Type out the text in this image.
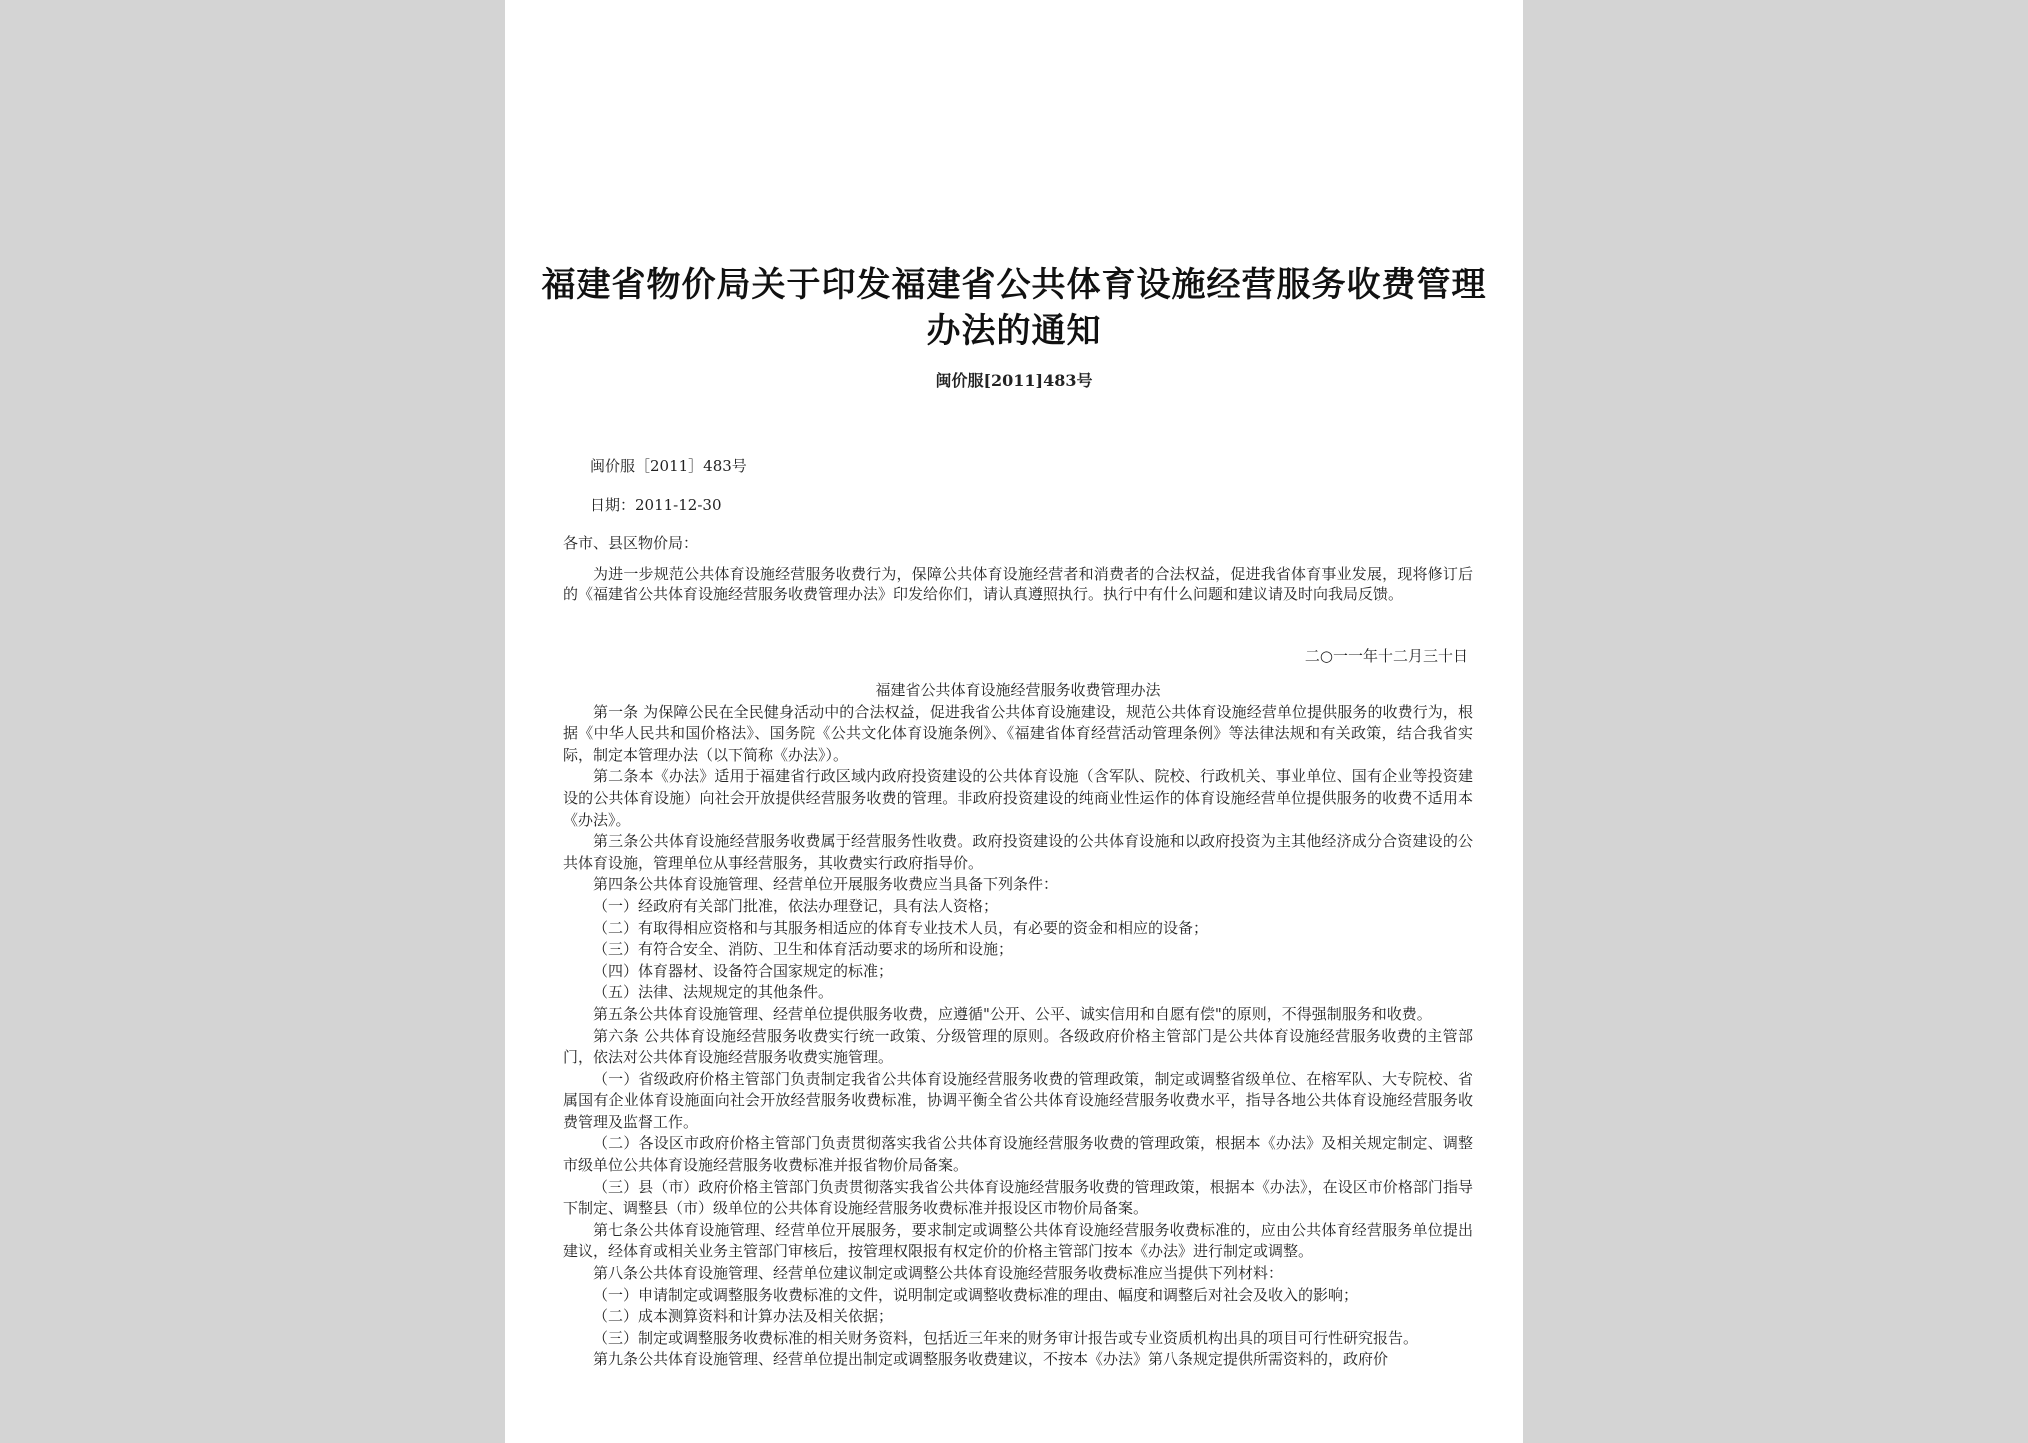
福建省物价局关于印发福建省公共体育设施经营服务收费管理办法的通知
闽价服[2011]483号
闽价服［2011］483号
日期：2011-12-30
各市、县区物价局：

为进一步规范公共体育设施经营服务收费行为，保障公共体育设施经营者和消费者的合法权益，促进我省体育事业发展，现将修订后的《福建省公共体育设施经营服务收费管理办法》印发给你们，请认真遵照执行。执行中有什么问题和建议请及时向我局反馈。

二○一一年十二月三十日
福建省公共体育设施经营服务收费管理办法

第一条 为保障公民在全民健身活动中的合法权益，促进我省公共体育设施建设，规范公共体育设施经营单位提供服务的收费行为，根据《中华人民共和国价格法》、国务院《公共文化体育设施条例》、《福建省体育经营活动管理条例》等法律法规和有关政策，结合我省实际，制定本管理办法（以下简称《办法》）。

第二条本《办法》适用于福建省行政区域内政府投资建设的公共体育设施（含军队、院校、行政机关、事业单位、国有企业等投资建设的公共体育设施）向社会开放提供经营服务收费的管理。非政府投资建设的纯商业性运作的体育设施经营单位提供服务的收费不适用本《办法》。

第三条公共体育设施经营服务收费属于经营服务性收费。政府投资建设的公共体育设施和以政府投资为主其他经济成分合资建设的公共体育设施，管理单位从事经营服务，其收费实行政府指导价。

第四条公共体育设施管理、经营单位开展服务收费应当具备下列条件：

（一）经政府有关部门批准，依法办理登记，具有法人资格；

（二）有取得相应资格和与其服务相适应的体育专业技术人员，有必要的资金和相应的设备；

（三）有符合安全、消防、卫生和体育活动要求的场所和设施；

（四）体育器材、设备符合国家规定的标准；

（五）法律、法规规定的其他条件。

第五条公共体育设施管理、经营单位提供服务收费，应遵循"公开、公平、诚实信用和自愿有偿"的原则，不得强制服务和收费。

第六条 公共体育设施经营服务收费实行统一政策、分级管理的原则。各级政府价格主管部门是公共体育设施经营服务收费的主管部门，依法对公共体育设施经营服务收费实施管理。

（一）省级政府价格主管部门负责制定我省公共体育设施经营服务收费的管理政策，制定或调整省级单位、在榕军队、大专院校、省属国有企业体育设施面向社会开放经营服务收费标准，协调平衡全省公共体育设施经营服务收费水平，指导各地公共体育设施经营服务收费管理及监督工作。

（二）各设区市政府价格主管部门负责贯彻落实我省公共体育设施经营服务收费的管理政策，根据本《办法》及相关规定制定、调整市级单位公共体育设施经营服务收费标准并报省物价局备案。

（三）县（市）政府价格主管部门负责贯彻落实我省公共体育设施经营服务收费的管理政策，根据本《办法》，在设区市价格部门指导下制定、调整县（市）级单位的公共体育设施经营服务收费标准并报设区市物价局备案。

第七条公共体育设施管理、经营单位开展服务，要求制定或调整公共体育设施经营服务收费标准的，应由公共体育经营服务单位提出建议，经体育或相关业务主管部门审核后，按管理权限报有权定价的价格主管部门按本《办法》进行制定或调整。

第八条公共体育设施管理、经营单位建议制定或调整公共体育设施经营服务收费标准应当提供下列材料：

（一）申请制定或调整服务收费标准的文件，说明制定或调整收费标准的理由、幅度和调整后对社会及收入的影响；

（二）成本测算资料和计算办法及相关依据；

（三）制定或调整服务收费标准的相关财务资料，包括近三年来的财务审计报告或专业资质机构出具的项目可行性研究报告。

第九条公共体育设施管理、经营单位提出制定或调整服务收费建议，不按本《办法》第八条规定提供所需资料的，政府价
